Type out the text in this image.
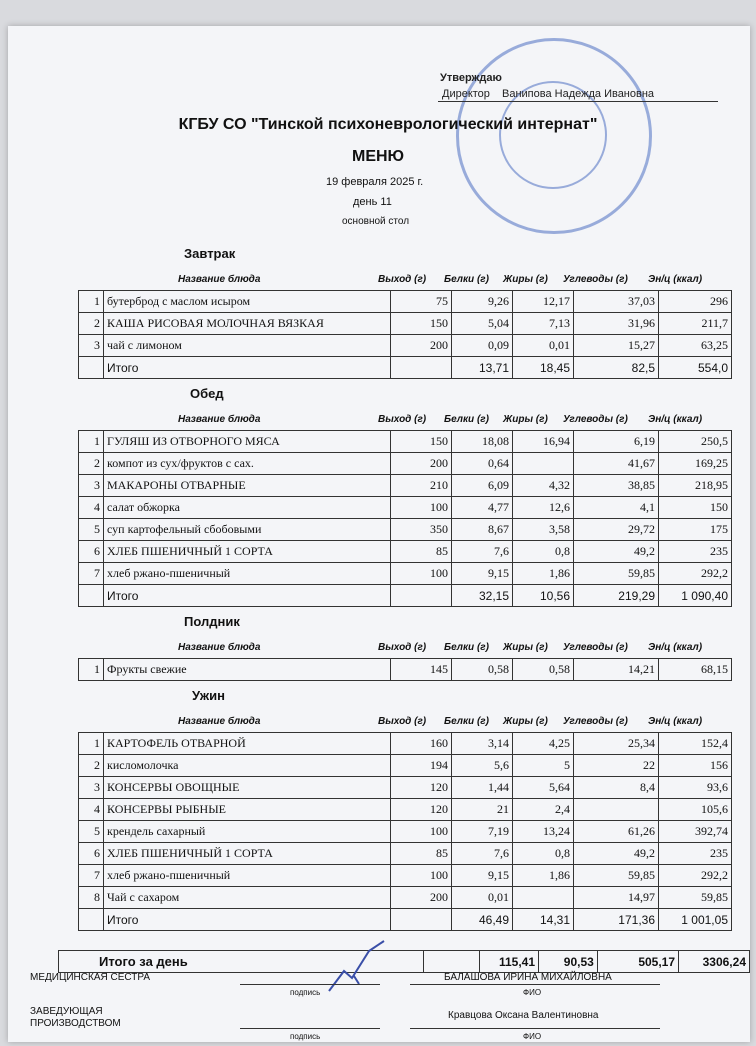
Утверждаю
Директор Ванипова Надежда Ивановна
КГБУ СО "Тинской психоневрологический интернат"
МЕНЮ
19 февраля 2025 г.
день 11
основной стол
Завтрак
Название блюда	Выход (г) Белки (г) Жиры (г) Углеводы (г) Эн/ц (ккал)
1	бутерброд с маслом исыром	75	9,26	12,17	37,03	296
2	КАША РИСОВАЯ МОЛОЧНАЯ ВЯЗКАЯ	150	5,04	7,13	31,96	211,7
3	чай с лимоном	200	0,09	0,01	15,27	63,25
	Итого		13,71	18,45	82,5	554,0
Обед
Название блюда	Выход (г) Белки (г) Жиры (г) Углеводы (г) Эн/ц (ккал)
1	ГУЛЯШ ИЗ ОТВОРНОГО МЯСА	150	18,08	16,94	6,19	250,5
2	компот из сух/фруктов с сах.	200	0,64		41,67	169,25
3	МАКАРОНЫ ОТВАРНЫЕ	210	6,09	4,32	38,85	218,95
4	салат обжорка	100	4,77	12,6	4,1	150
5	суп картофельный сбобовыми	350	8,67	3,58	29,72	175
6	ХЛЕБ ПШЕНИЧНЫЙ 1 СОРТА	85	7,6	0,8	49,2	235
7	хлеб ржано-пшеничный	100	9,15	1,86	59,85	292,2
	Итого		32,15	10,56	219,29	1 090,40
Полдник
Название блюда	Выход (г) Белки (г) Жиры (г) Углеводы (г) Эн/ц (ккал)
1	Фрукты свежие	145	0,58	0,58	14,21	68,15
Ужин
Название блюда	Выход (г) Белки (г) Жиры (г) Углеводы (г) Эн/ц (ккал)
1	КАРТОФЕЛЬ ОТВАРНОЙ	160	3,14	4,25	25,34	152,4
2	кисломолочка	194	5,6	5	22	156
3	КОНСЕРВЫ ОВОЩНЫЕ	120	1,44	5,64	8,4	93,6
4	КОНСЕРВЫ РЫБНЫЕ	120	21	2,4		105,6
5	крендель сахарный	100	7,19	13,24	61,26	392,74
6	ХЛЕБ ПШЕНИЧНЫЙ 1 СОРТА	85	7,6	0,8	49,2	235
7	хлеб ржано-пшеничный	100	9,15	1,86	59,85	292,2
8	Чай с сахаром	200	0,01		14,97	59,85
	Итого		46,49	14,31	171,36	1 001,05
Итого за день		115,41	90,53	505,17	3306,24
МЕДИЦИНСКАЯ СЕСТРА
подпись
БАЛАШОВА ИРИНА МИХАЙЛОВНА
ФИО
ЗАВЕДУЮЩАЯ
ПРОИЗВОДСТВОМ
подпись
Кравцова Оксана Валентиновна
ФИО
